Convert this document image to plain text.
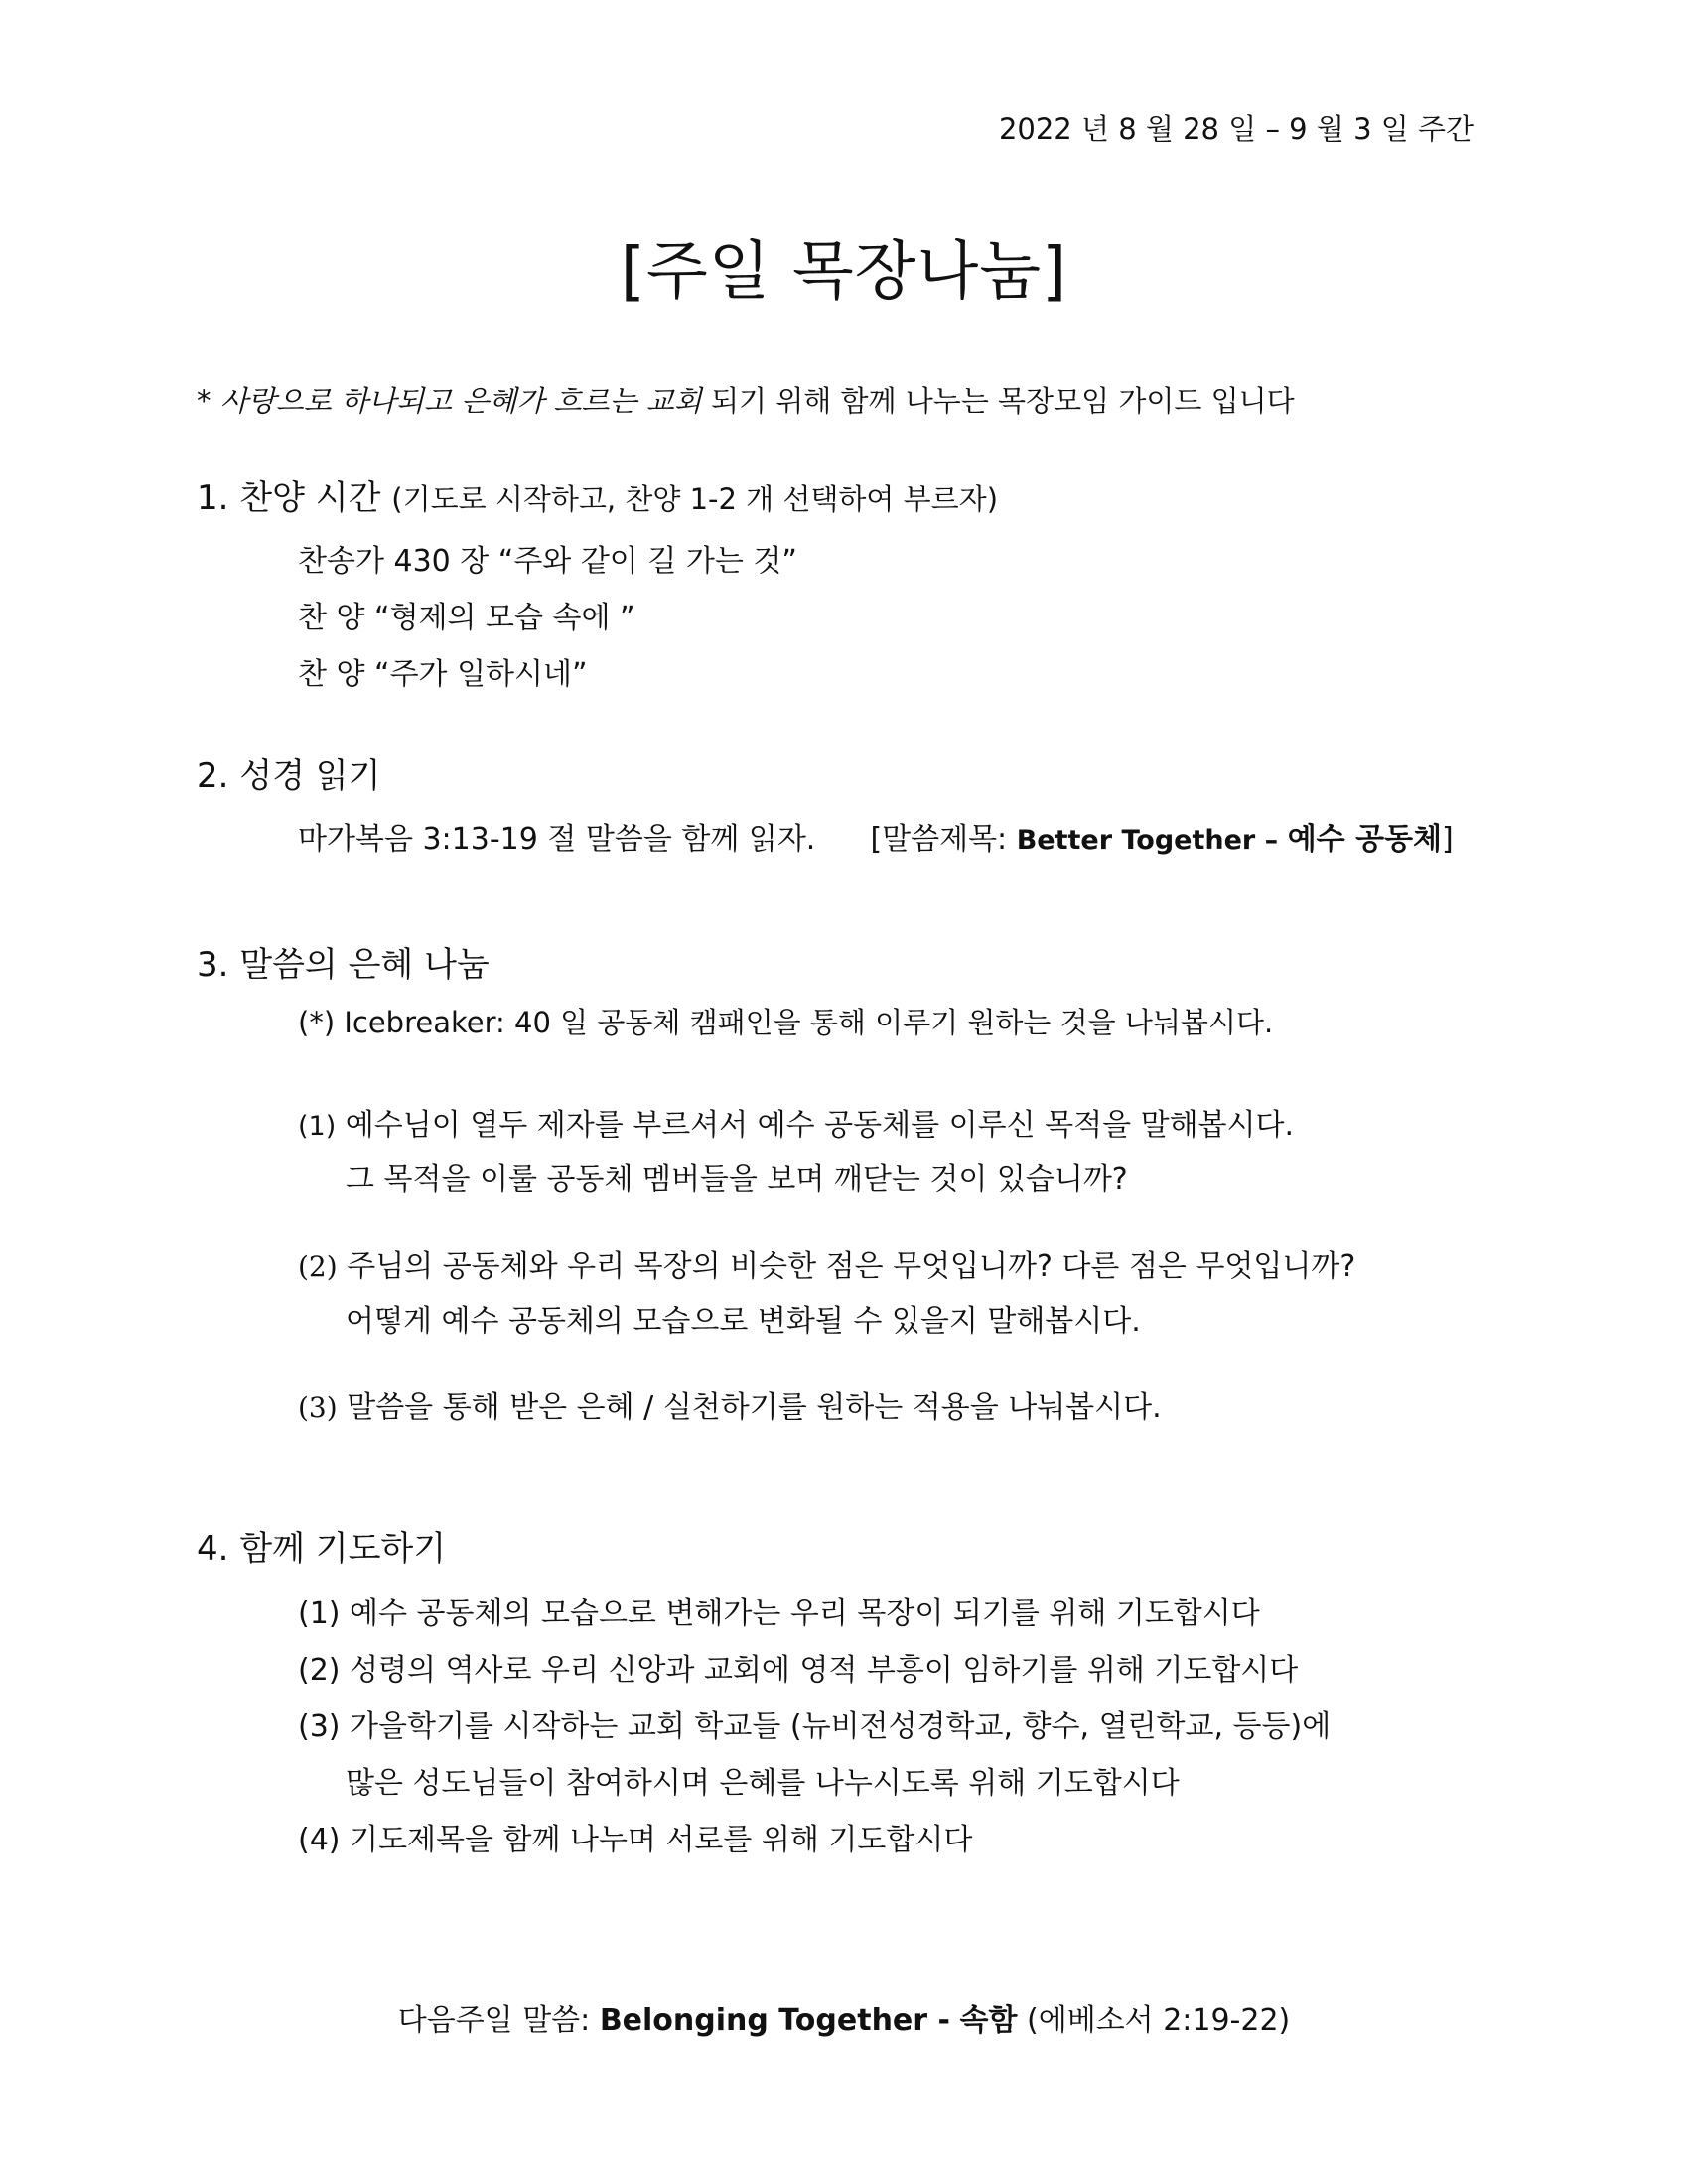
2022 년 8 월 28 일 – 9 월 3 일 주간
[주일 목장나눔]
* 사랑으로 하나되고 은혜가 흐르는 교회 되기 위해 함께 나누는 목장모임 가이드 입니다
1. 찬양 시간 (기도로 시작하고, 찬양 1-2 개 선택하여 부르자)
찬송가 430 장 “주와 같이 길 가는 것”
찬 양 “형제의 모습 속에 ”
찬 양 “주가 일하시네”
2. 성경 읽기
마가복음 3:13-19 절 말씀을 함께 읽자. [말씀제목: Better Together – 예수 공동체]
3. 말씀의 은혜 나눔
(*) Icebreaker: 40 일 공동체 캠패인을 통해 이루기 원하는 것을 나눠봅시다.
(1) 예수님이 열두 제자를 부르셔서 예수 공동체를 이루신 목적을 말해봅시다.
그 목적을 이룰 공동체 멤버들을 보며 깨닫는 것이 있습니까?
(2) 주님의 공동체와 우리 목장의 비슷한 점은 무엇입니까? 다른 점은 무엇입니까?
어떻게 예수 공동체의 모습으로 변화될 수 있을지 말해봅시다.
(3) 말씀을 통해 받은 은혜 / 실천하기를 원하는 적용을 나눠봅시다.
4. 함께 기도하기
(1) 예수 공동체의 모습으로 변해가는 우리 목장이 되기를 위해 기도합시다
(2) 성령의 역사로 우리 신앙과 교회에 영적 부흥이 임하기를 위해 기도합시다
(3) 가을학기를 시작하는 교회 학교들 (뉴비전성경학교, 향수, 열린학교, 등등)에
많은 성도님들이 참여하시며 은혜를 나누시도록 위해 기도합시다
(4) 기도제목을 함께 나누며 서로를 위해 기도합시다
다음주일 말씀: Belonging Together - 속함 (에베소서 2:19-22)
